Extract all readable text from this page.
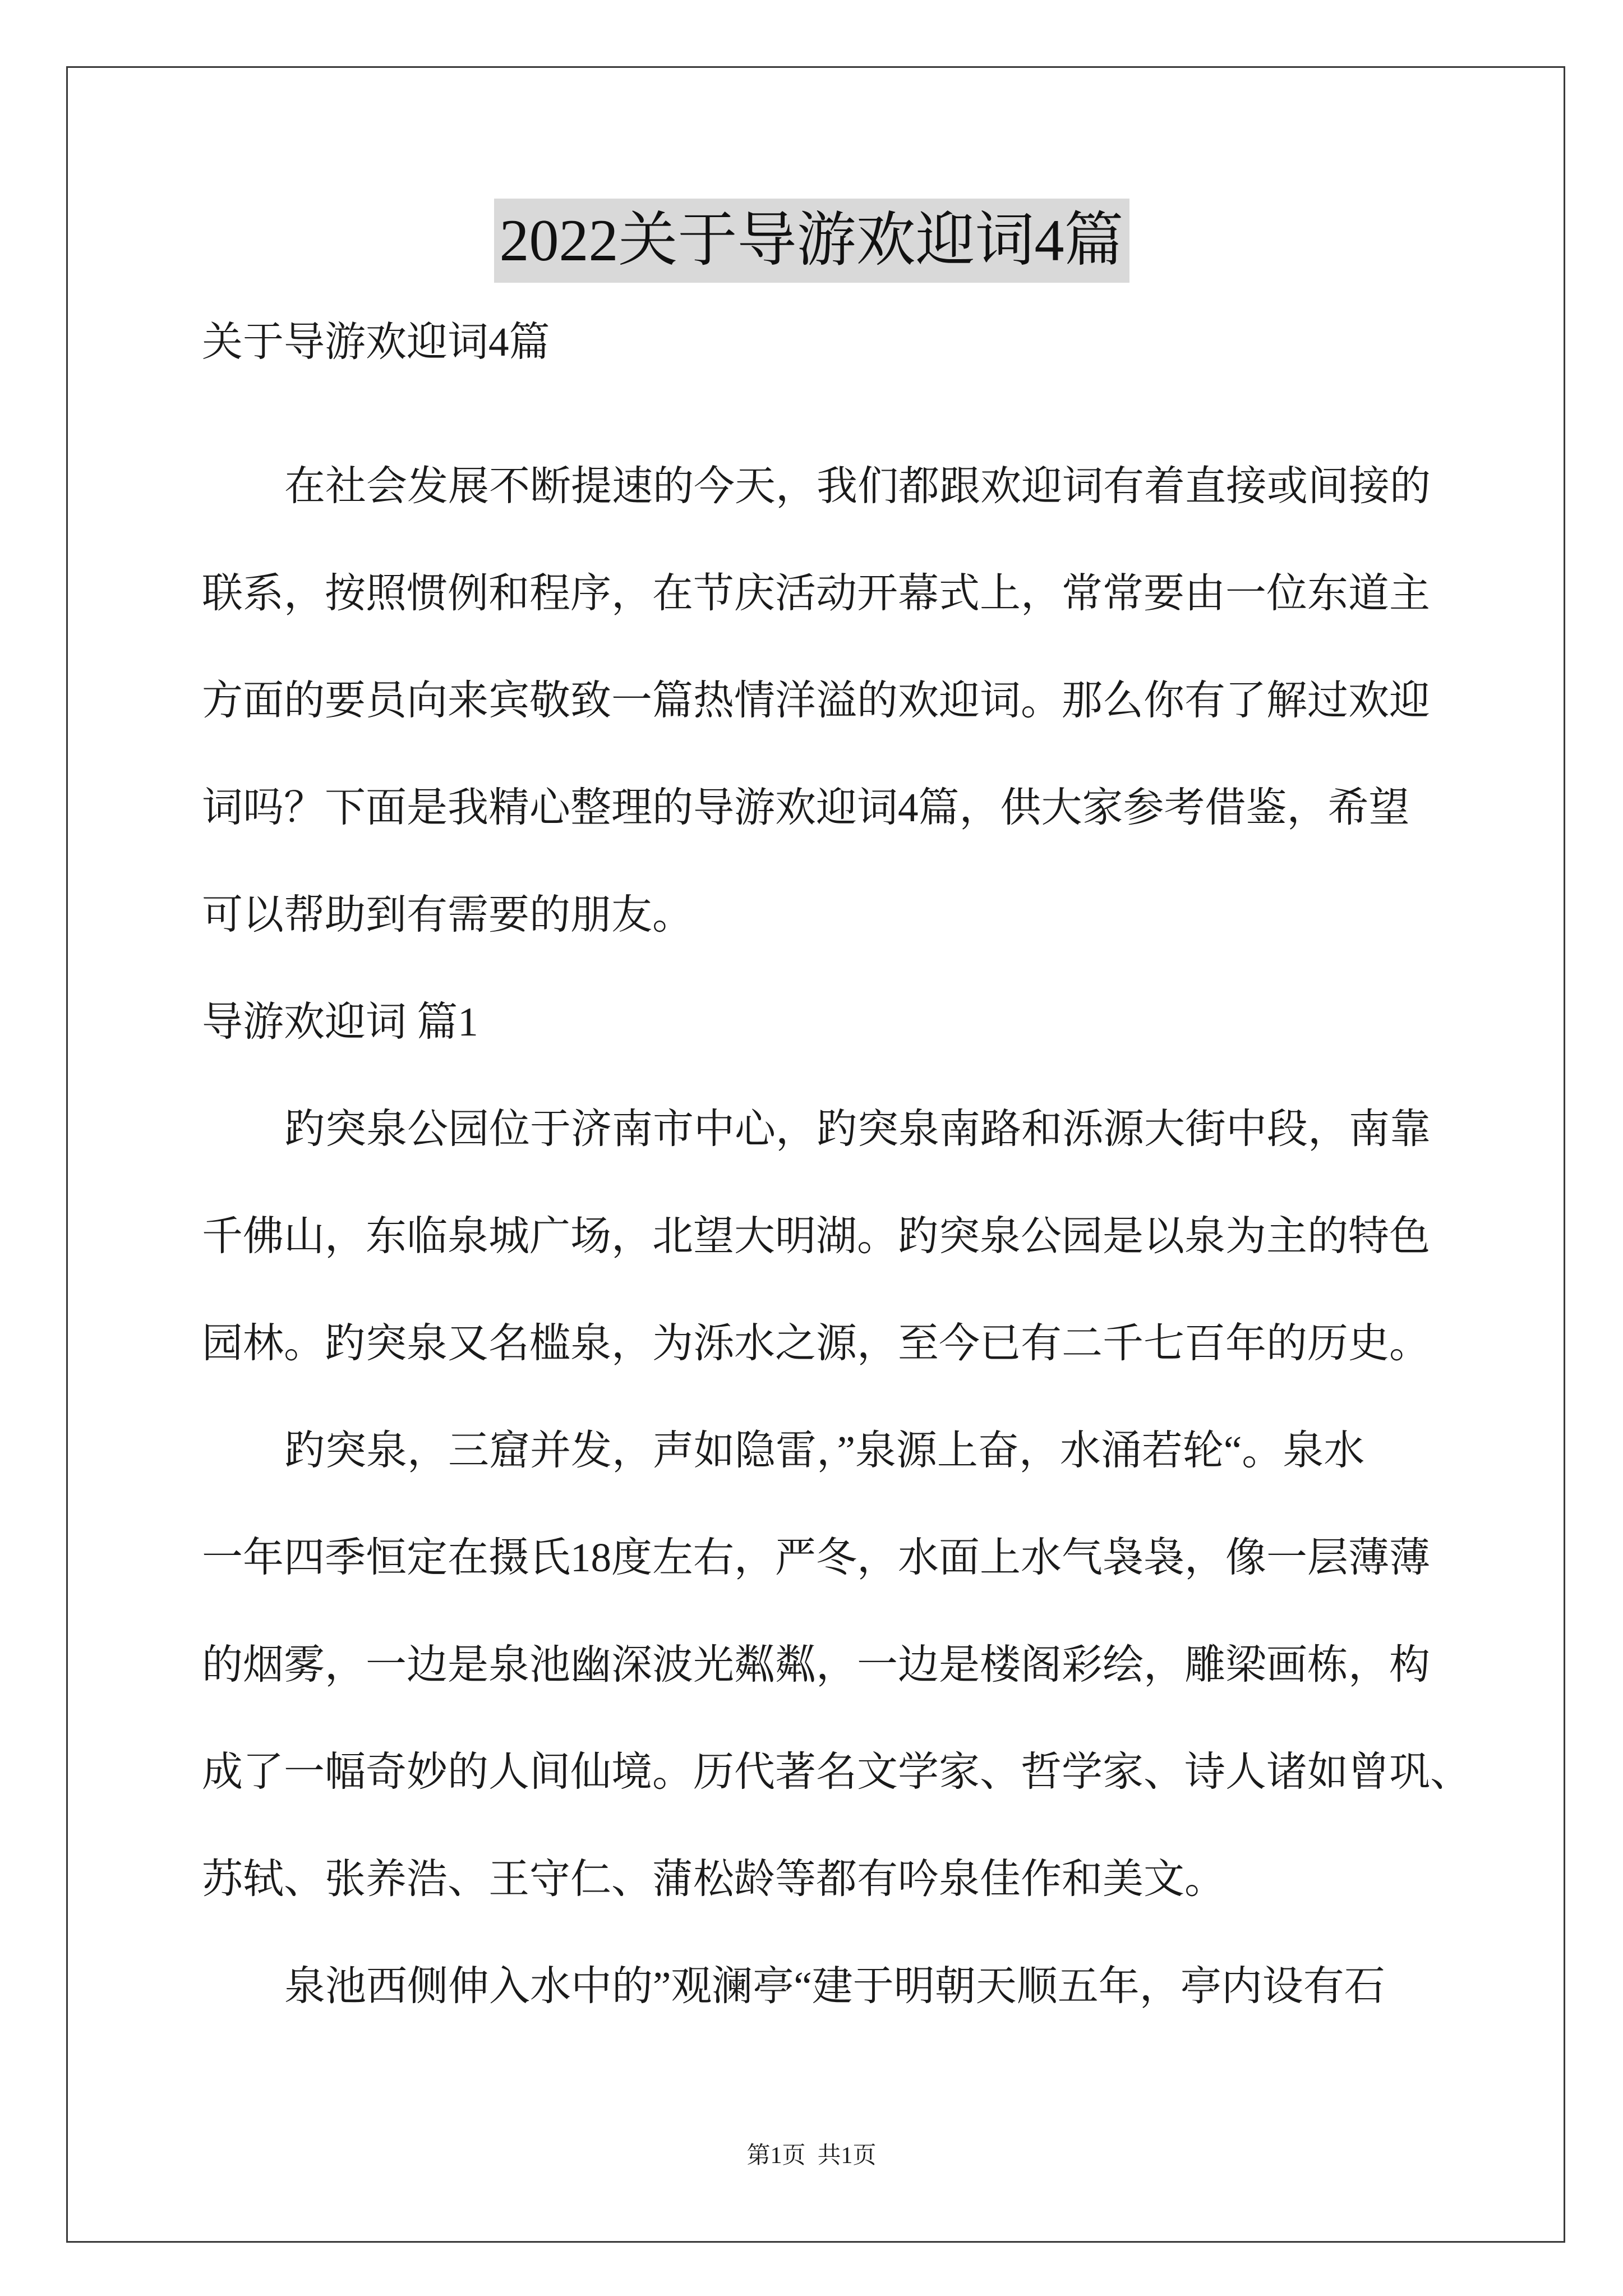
2022关于导游欢迎词4篇
关于导游欢迎词4篇
在社会发展不断提速的今天，我们都跟欢迎词有着直接或间接的
联系，按照惯例和程序，在节庆活动开幕式上，常常要由一位东道主
方面的要员向来宾敬致一篇热情洋溢的欢迎词。那么你有了解过欢迎
词吗？下面是我精心整理的导游欢迎词4篇，供大家参考借鉴，希望
可以帮助到有需要的朋友。
导游欢迎词 篇1
趵突泉公园位于济南市中心，趵突泉南路和泺源大街中段，南靠
千佛山，东临泉城广场，北望大明湖。趵突泉公园是以泉为主的特色
园林。趵突泉又名槛泉，为泺水之源，至今已有二千七百年的历史。
趵突泉，三窟并发，声如隐雷，”泉源上奋，水涌若轮“。泉水
一年四季恒定在摄氏18度左右，严冬，水面上水气袅袅，像一层薄薄
的烟雾，一边是泉池幽深波光粼粼，一边是楼阁彩绘，雕梁画栋，构
成了一幅奇妙的人间仙境。历代著名文学家、哲学家、诗人诸如曾巩、
苏轼、张养浩、王守仁、蒲松龄等都有吟泉佳作和美文。
泉池西侧伸入水中的”观澜亭“建于明朝天顺五年，亭内设有石
第1页  共1页
